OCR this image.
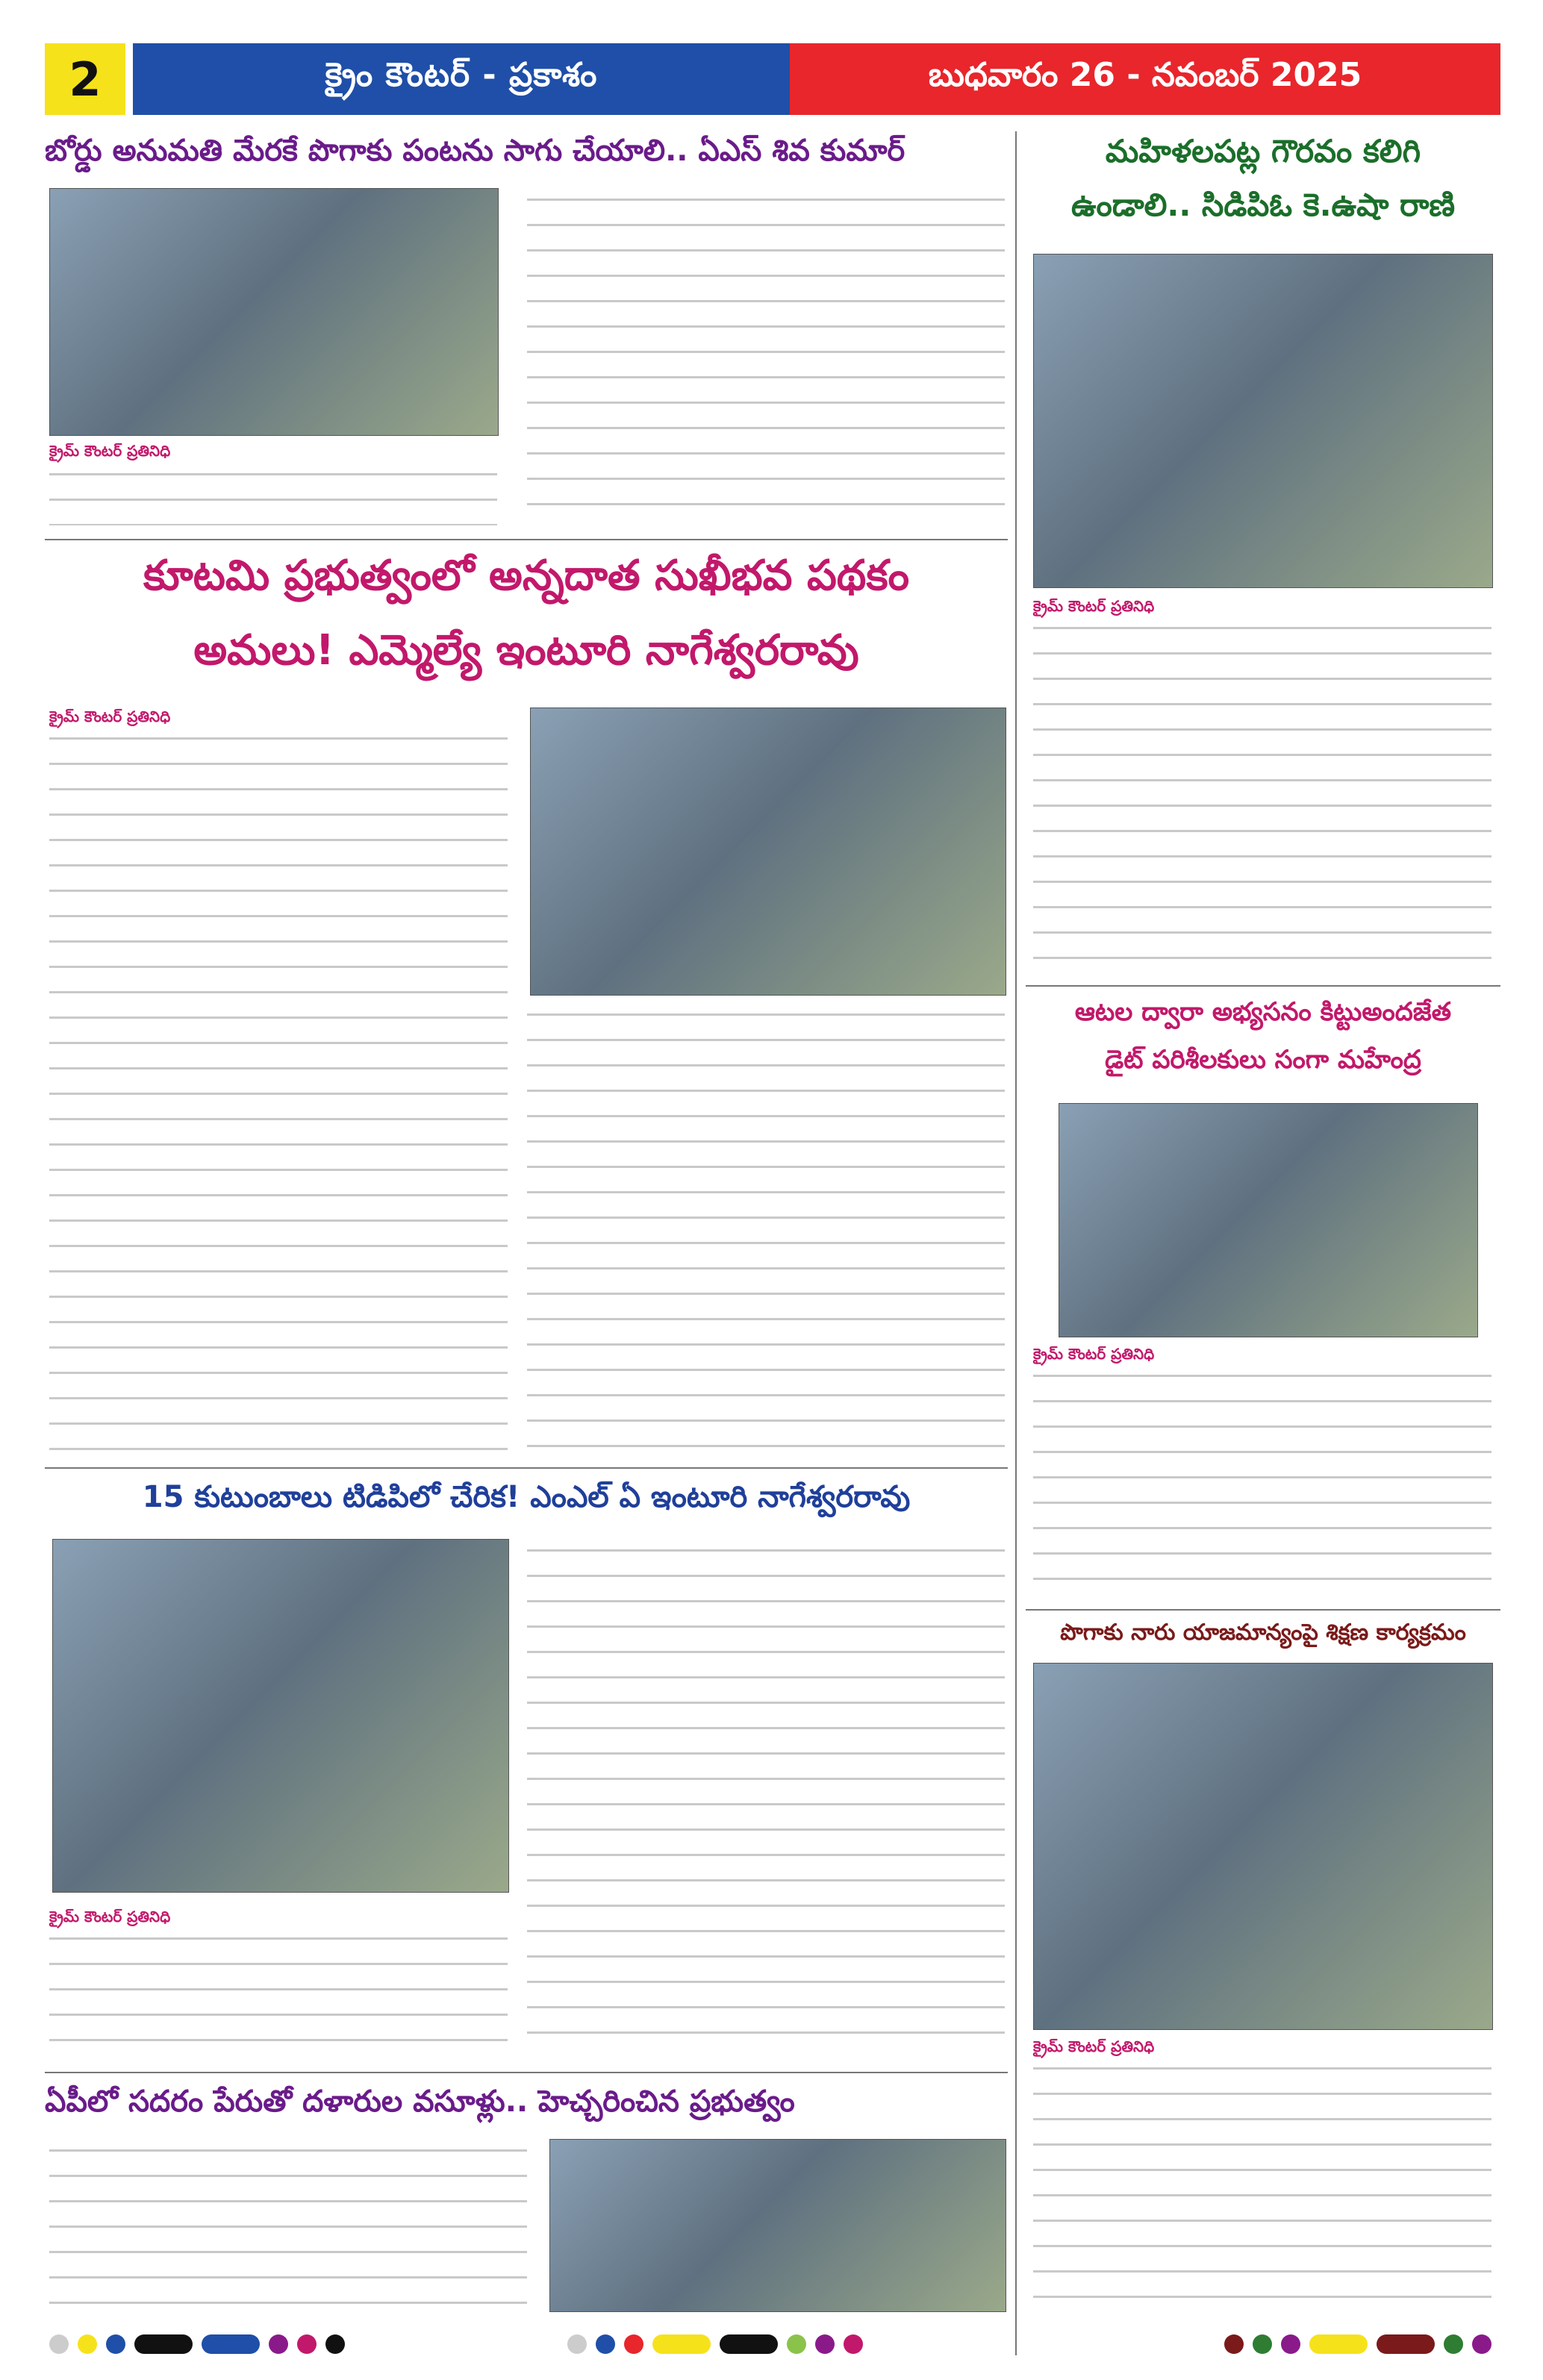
2	క్రైం కౌంటర్ - ప్రకాశం	బుధవారం 26 - నవంబర్ 2025
బోర్డు అనుమతి మేరకే పొగాకు పంటను సాగు చేయాలి.. ఏఎస్ శివ కుమార్
క్రైమ్ కౌంటర్ ప్రతినిధి
మహిళలపట్ల గౌరవం కలిగి
ఉండాలి.. సిడిపిఓ కె.ఉషా రాణి
క్రైమ్ కౌంటర్ ప్రతినిధి
కూటమి ప్రభుత్వంలో అన్నదాత సుఖీభవ పథకం
అమలు! ఎమ్మెల్యే ఇంటూరి నాగేశ్వరరావు
క్రైమ్ కౌంటర్ ప్రతినిధి
ఆటల ద్వారా అభ్యసనం కిట్టుఅందజేత
డైట్ పరిశీలకులు సంగా మహేంద్ర
క్రైమ్ కౌంటర్ ప్రతినిధి
15 కుటుంబాలు టిడిపిలో చేరిక! ఎంఎల్ ఏ ఇంటూరి నాగేశ్వరరావు
క్రైమ్ కౌంటర్ ప్రతినిధి
పొగాకు నారు యాజమాన్యంపై శిక్షణ కార్యక్రమం
క్రైమ్ కౌంటర్ ప్రతినిధి
ఏపీలో సదరం పేరుతో దళారుల వసూళ్లు.. హెచ్చరించిన ప్రభుత్వం
